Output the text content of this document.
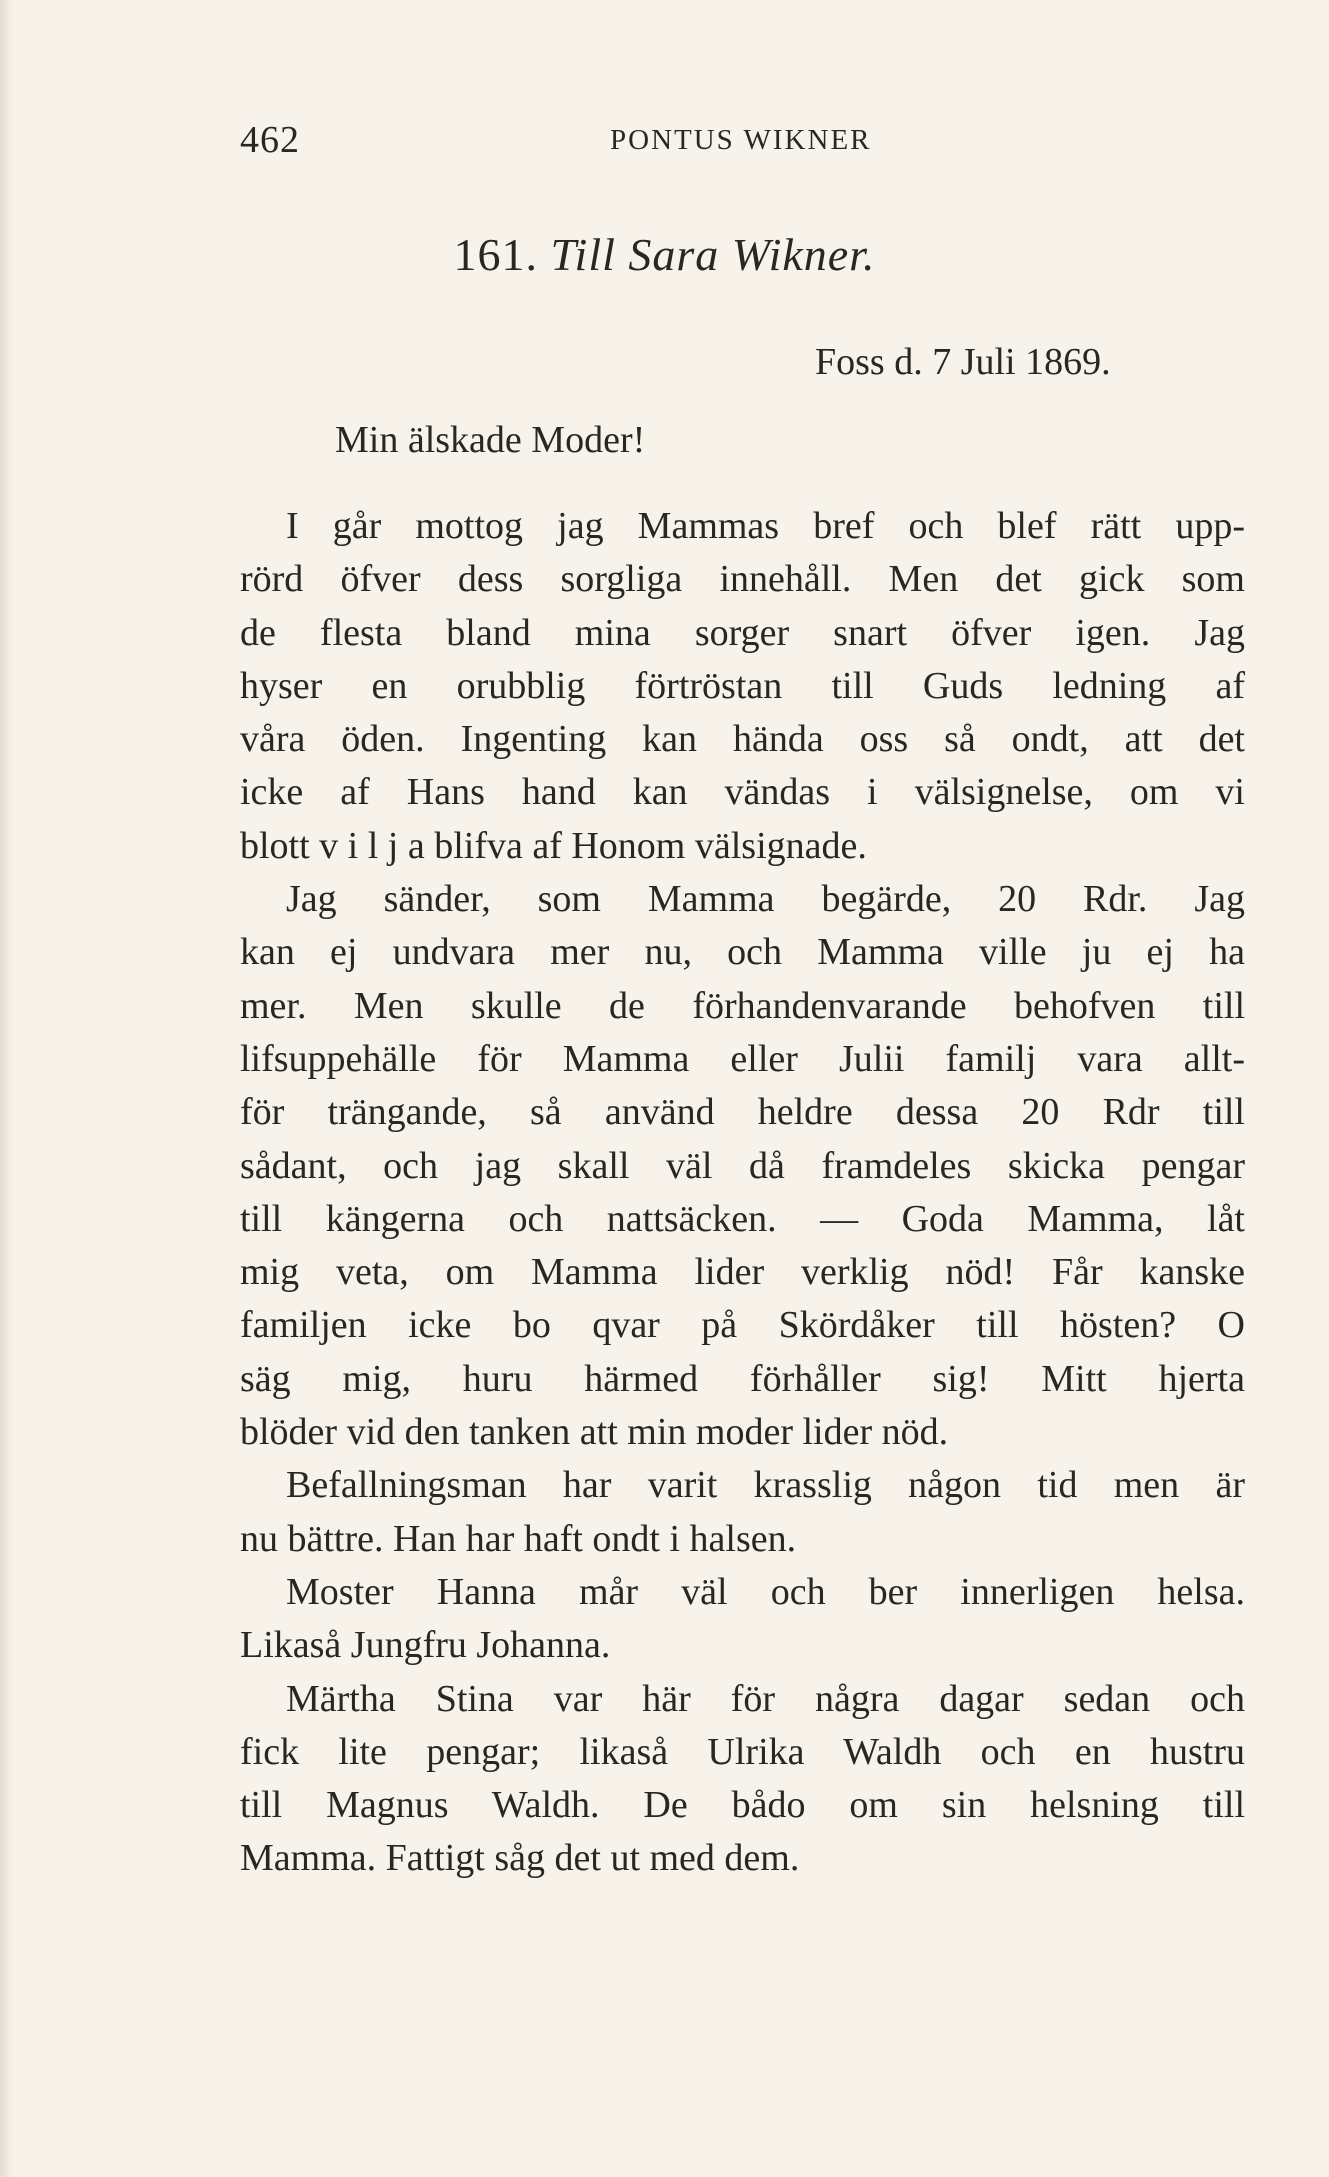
462	PONTUS WIKNER
161. Till Sara Wikner.
Foss d. 7 Juli 1869.
Min älskade Moder!
I går mottog jag Mammas bref och blef rätt upp-
rörd öfver dess sorgliga innehåll. Men det gick som
de flesta bland mina sorger snart öfver igen. Jag
hyser en orubblig förtröstan till Guds ledning af
våra öden. Ingenting kan hända oss så ondt, att det
icke af Hans hand kan vändas i välsignelse, om vi
blott v i l j a blifva af Honom välsignade.
Jag sänder, som Mamma begärde, 20 Rdr. Jag
kan ej undvara mer nu, och Mamma ville ju ej ha
mer. Men skulle de förhandenvarande behofven till
lifsuppehälle för Mamma eller Julii familj vara allt-
för trängande, så använd heldre dessa 20 Rdr till
sådant, och jag skall väl då framdeles skicka pengar
till kängerna och nattsäcken. — Goda Mamma, låt
mig veta, om Mamma lider verklig nöd! Får kanske
familjen icke bo qvar på Skördåker till hösten? O
säg mig, huru härmed förhåller sig! Mitt hjerta
blöder vid den tanken att min moder lider nöd.
Befallningsman har varit krasslig någon tid men är
nu bättre. Han har haft ondt i halsen.
Moster Hanna mår väl och ber innerligen helsa.
Likaså Jungfru Johanna.
Märtha Stina var här för några dagar sedan och
fick lite pengar; likaså Ulrika Waldh och en hustru
till Magnus Waldh. De bådo om sin helsning till
Mamma. Fattigt såg det ut med dem.
